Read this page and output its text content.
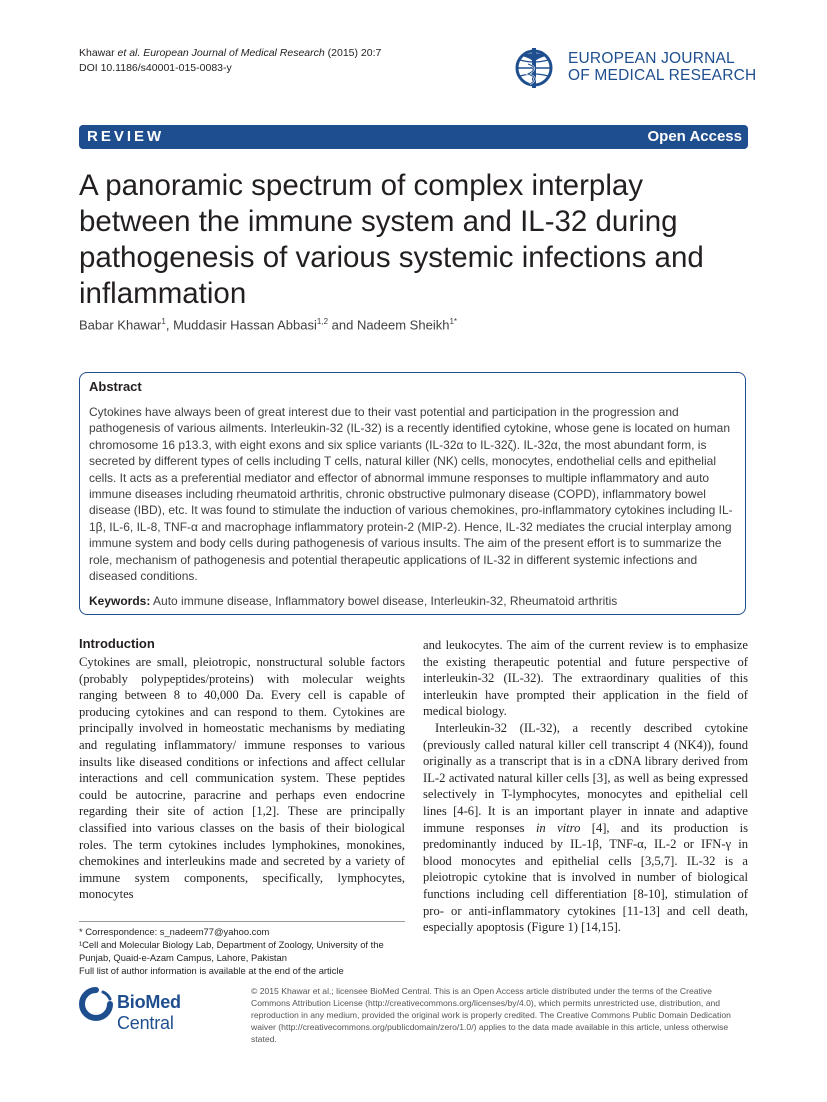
Khawar et al. European Journal of Medical Research (2015) 20:7
DOI 10.1186/s40001-015-0083-y
EUROPEAN JOURNAL
OF MEDICAL RESEARCH
REVIEW	Open Access
A panoramic spectrum of complex interplay between the immune system and IL-32 during pathogenesis of various systemic infections and inflammation
Babar Khawar$^1$, Muddasir Hassan Abbasi$^{1,2}$ and Nadeem Sheikh$^{1*}$
Abstract
Cytokines have always been of great interest due to their vast potential and participation in the progression and pathogenesis of various ailments. Interleukin-32 (IL-32) is a recently identified cytokine, whose gene is located on human chromosome 16 p13.3, with eight exons and six splice variants (IL-32α to IL-32ζ). IL-32α, the most abundant form, is secreted by different types of cells including T cells, natural killer (NK) cells, monocytes, endothelial cells and epithelial cells. It acts as a preferential mediator and effector of abnormal immune responses to multiple inflammatory and auto immune diseases including rheumatoid arthritis, chronic obstructive pulmonary disease (COPD), inflammatory bowel disease (IBD), etc. It was found to stimulate the induction of various chemokines, pro-inflammatory cytokines including IL-1β, IL-6, IL-8, TNF-α and macrophage inflammatory protein-2 (MIP-2). Hence, IL-32 mediates the crucial interplay among immune system and body cells during pathogenesis of various insults. The aim of the present effort is to summarize the role, mechanism of pathogenesis and potential therapeutic applications of IL-32 in different systemic infections and diseased conditions.
Keywords: Auto immune disease, Inflammatory bowel disease, Interleukin-32, Rheumatoid arthritis
Introduction

Cytokines are small, pleiotropic, nonstructural soluble factors (probably polypeptides/proteins) with molecular weights ranging between 8 to 40,000 Da. Every cell is capable of producing cytokines and can respond to them. Cytokines are principally involved in homeostatic mechanisms by mediating and regulating inflammatory/ immune responses to various insults like diseased conditions or infections and affect cellular interactions and cell communication system. These peptides could be autocrine, paracrine and perhaps even endocrine regarding their site of action [1,2]. These are principally classified into various classes on the basis of their biological roles. The term cytokines includes lymphokines, monokines, chemokines and interleukins made and secreted by a variety of immune system components, specifically, lymphocytes, monocytes

and leukocytes. The aim of the current review is to emphasize the existing therapeutic potential and future perspective of interleukin-32 (IL-32). The extraordinary qualities of this interleukin have prompted their application in the field of medical biology.

Interleukin-32 (IL-32), a recently described cytokine (previously called natural killer cell transcript 4 (NK4)), found originally as a transcript that is in a cDNA library derived from IL-2 activated natural killer cells [3], as well as being expressed selectively in T-lymphocytes, monocytes and epithelial cell lines [4-6]. It is an important player in innate and adaptive immune responses in vitro [4], and its production is predominantly induced by IL-1β, TNF-α, IL-2 or IFN-γ in blood monocytes and epithelial cells [3,5,7]. IL-32 is a pleiotropic cytokine that is involved in number of biological functions including cell differentiation [8-10], stimulation of pro- or anti-inflammatory cytokines [11-13] and cell death, especially apoptosis (Figure 1) [14,15].

* Correspondence: s_nadeem77@yahoo.com
¹Cell and Molecular Biology Lab, Department of Zoology, University of the Punjab, Quaid-e-Azam Campus, Lahore, Pakistan
Full list of author information is available at the end of the article
BioMed Central
© 2015 Khawar et al.; licensee BioMed Central. This is an Open Access article distributed under the terms of the Creative Commons Attribution License (http://creativecommons.org/licenses/by/4.0), which permits unrestricted use, distribution, and reproduction in any medium, provided the original work is properly credited. The Creative Commons Public Domain Dedication waiver (http://creativecommons.org/publicdomain/zero/1.0/) applies to the data made available in this article, unless otherwise stated.
